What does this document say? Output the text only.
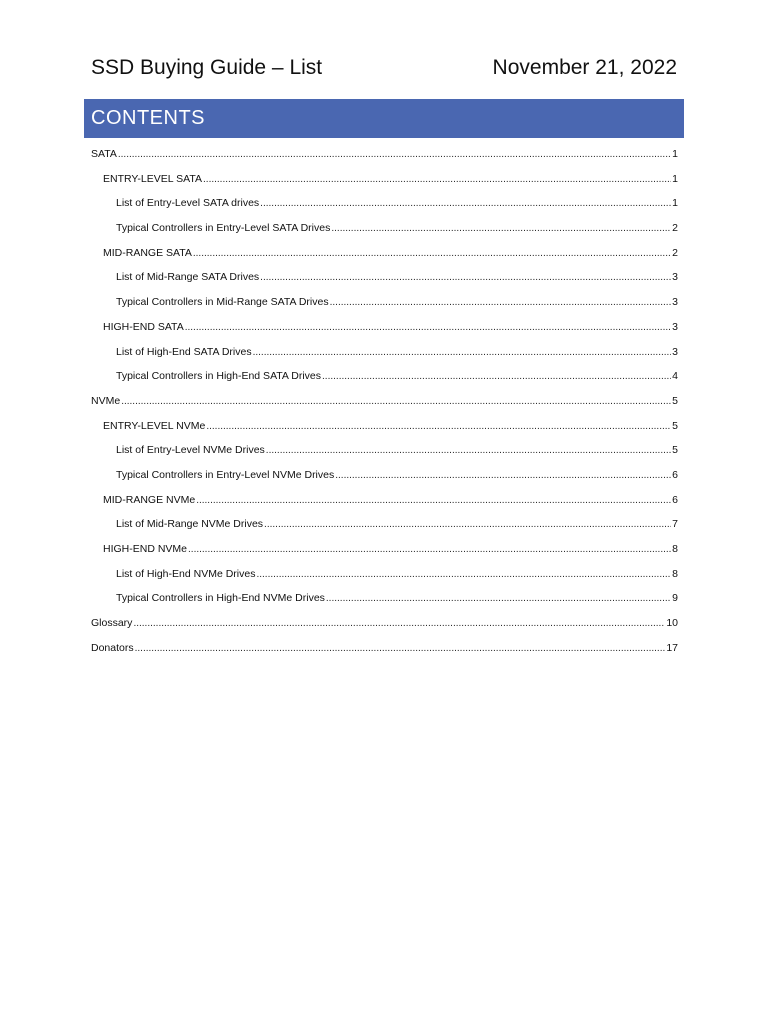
SSD Buying Guide – List	November 21, 2022
CONTENTS
SATA .....	1
ENTRY-LEVEL SATA .....	1
List of Entry-Level SATA drives .....	1
Typical Controllers in Entry-Level SATA Drives .....	2
MID-RANGE SATA .....	2
List of Mid-Range SATA Drives .....	3
Typical Controllers in Mid-Range SATA Drives .....	3
HIGH-END SATA .....	3
List of High-End SATA Drives .....	3
Typical Controllers in High-End SATA Drives .....	4
NVMe .....	5
ENTRY-LEVEL NVMe .....	5
List of Entry-Level NVMe Drives .....	5
Typical Controllers in Entry-Level NVMe Drives .....	6
MID-RANGE NVMe .....	6
List of Mid-Range NVMe Drives .....	7
HIGH-END NVMe .....	8
List of High-End NVMe Drives .....	8
Typical Controllers in High-End NVMe Drives .....	9
Glossary .....	10
Donators .....	17
